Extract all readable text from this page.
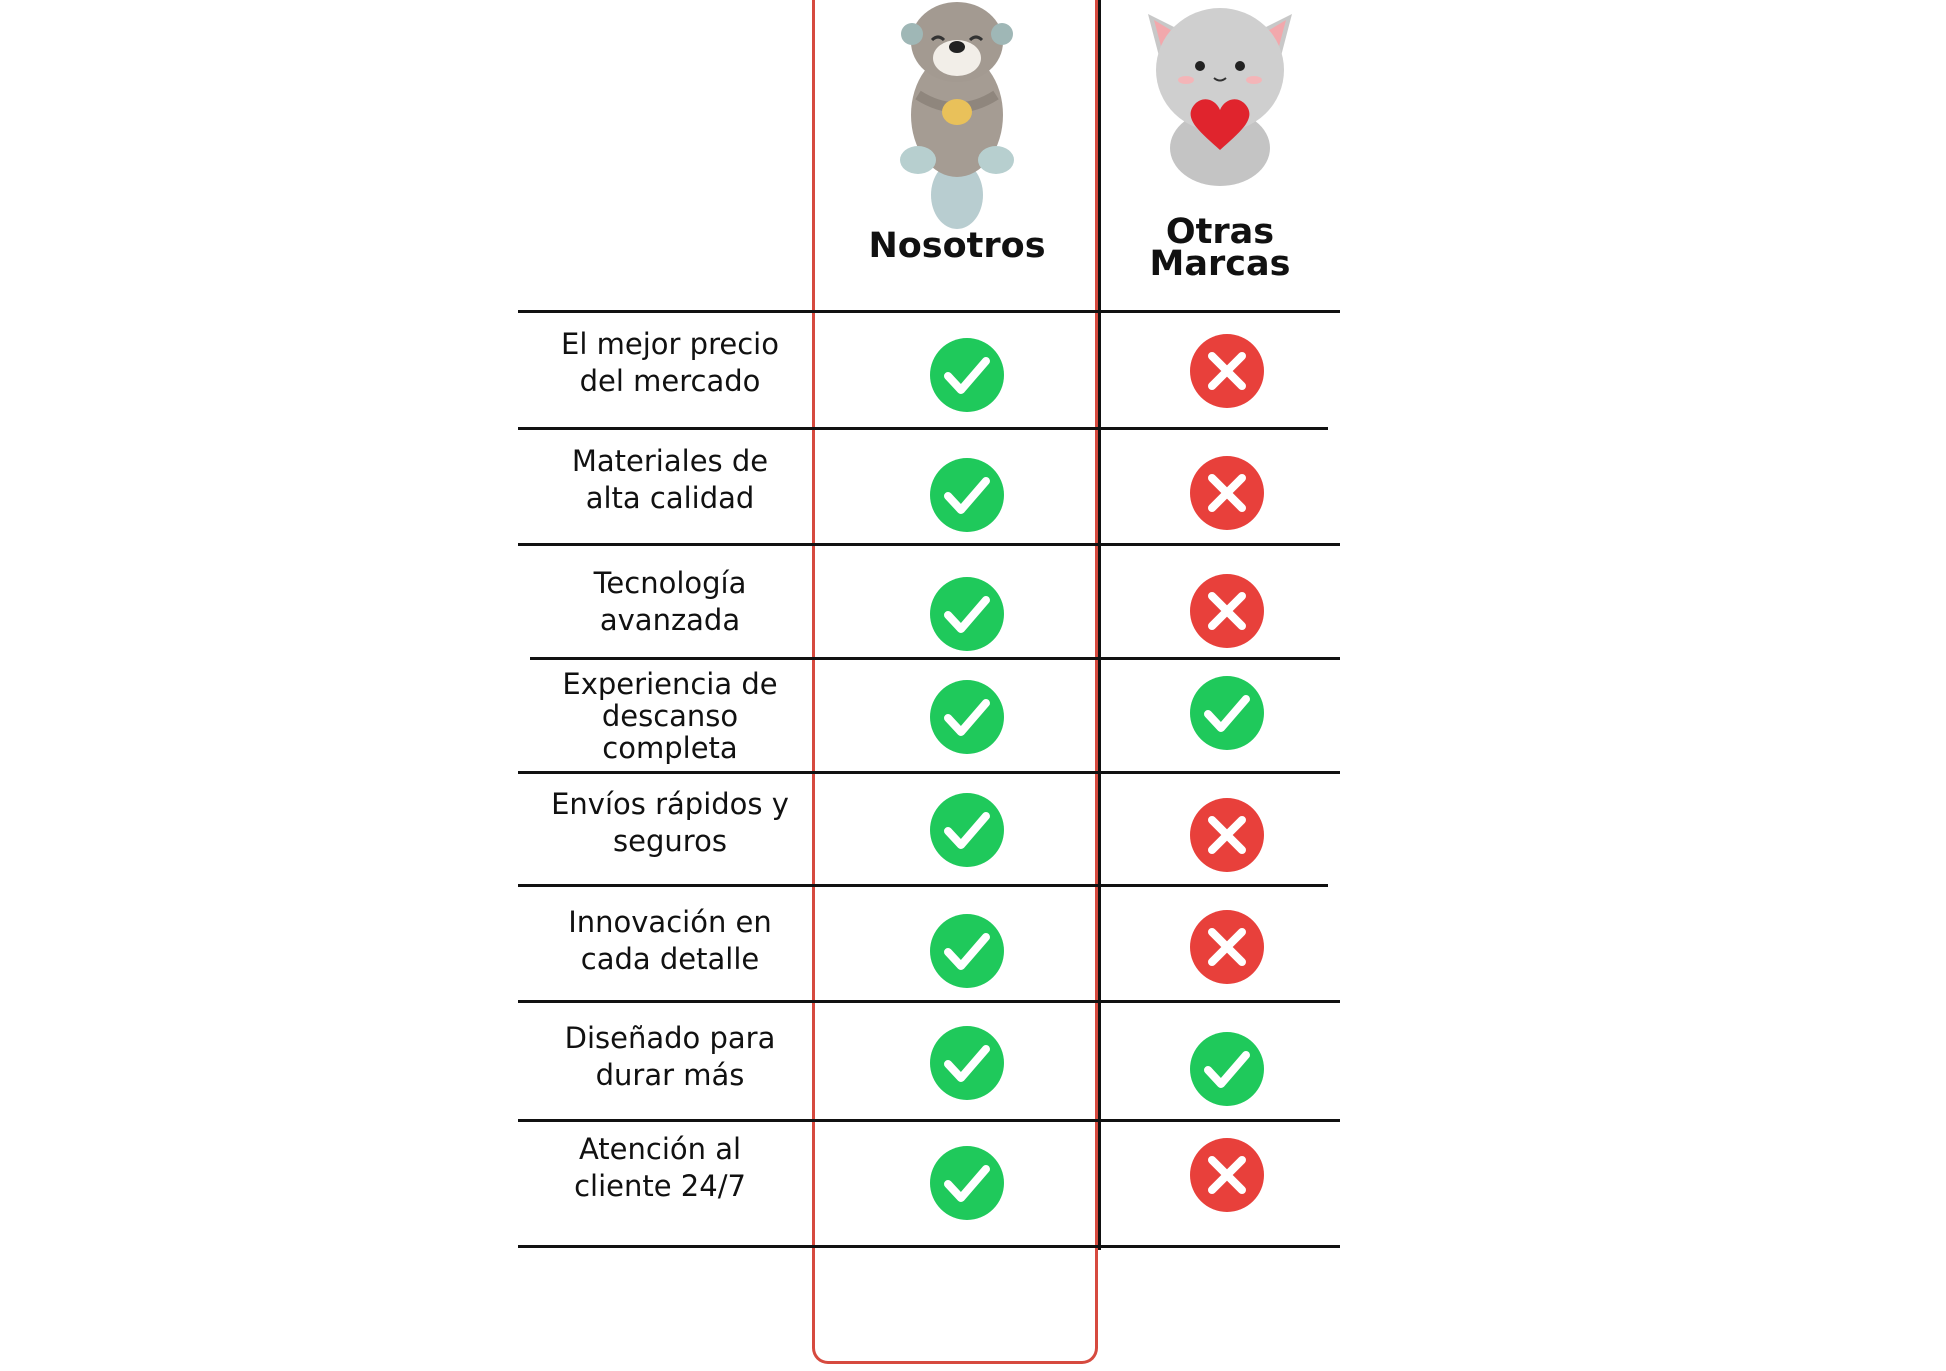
Nosotros	Otras
Marcas
El mejor precio
del mercado
Materiales de
alta calidad
Tecnología
avanzada
Experiencia de
descanso
completa
Envíos rápidos y
seguros
Innovación en
cada detalle
Diseñado para
durar más
Atención al
cliente 24/7
